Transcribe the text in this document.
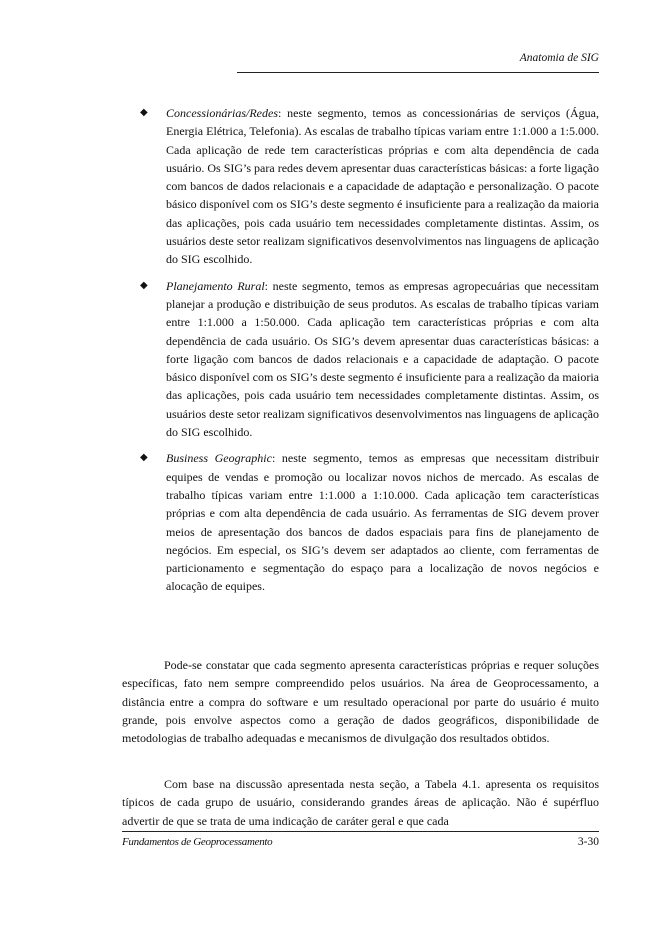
Anatomia de SIG
◆ Concessionárias/Redes: neste segmento, temos as concessionárias de serviços (Água, Energia Elétrica, Telefonia). As escalas de trabalho típicas variam entre 1:1.000 a 1:5.000. Cada aplicação de rede tem características próprias e com alta dependência de cada usuário. Os SIG’s para redes devem apresentar duas características básicas: a forte ligação com bancos de dados relacionais e a capacidade de adaptação e personalização. O pacote básico disponível com os SIG’s deste segmento é insuficiente para a realização da maioria das aplicações, pois cada usuário tem necessidades completamente distintas. Assim, os usuários deste setor realizam significativos desenvolvimentos nas linguagens de aplicação do SIG escolhido.
◆ Planejamento Rural: neste segmento, temos as empresas agropecuárias que necessitam planejar a produção e distribuição de seus produtos. As escalas de trabalho típicas variam entre 1:1.000 a 1:50.000. Cada aplicação tem características próprias e com alta dependência de cada usuário. Os SIG’s devem apresentar duas características básicas: a forte ligação com bancos de dados relacionais e a capacidade de adaptação. O pacote básico disponível com os SIG’s deste segmento é insuficiente para a realização da maioria das aplicações, pois cada usuário tem necessidades completamente distintas. Assim, os usuários deste setor realizam significativos desenvolvimentos nas linguagens de aplicação do SIG escolhido.
◆ Business Geographic: neste segmento, temos as empresas que necessitam distribuir equipes de vendas e promoção ou localizar novos nichos de mercado. As escalas de trabalho típicas variam entre 1:1.000 a 1:10.000. Cada aplicação tem características próprias e com alta dependência de cada usuário. As ferramentas de SIG devem prover meios de apresentação dos bancos de dados espaciais para fins de planejamento de negócios. Em especial, os SIG’s devem ser adaptados ao cliente, com ferramentas de particionamento e segmentação do espaço para a localização de novos negócios e alocação de equipes.

Pode-se constatar que cada segmento apresenta características próprias e requer soluções específicas, fato nem sempre compreendido pelos usuários. Na área de Geoprocessamento, a distância entre a compra do software e um resultado operacional por parte do usuário é muito grande, pois envolve aspectos como a geração de dados geográficos, disponibilidade de metodologias de trabalho adequadas e mecanismos de divulgação dos resultados obtidos.

Com base na discussão apresentada nesta seção, a Tabela 4.1. apresenta os requisitos típicos de cada grupo de usuário, considerando grandes áreas de aplicação. Não é supérfluo advertir de que se trata de uma indicação de caráter geral e que cada

Fundamentos de Geoprocessamento	3-30
